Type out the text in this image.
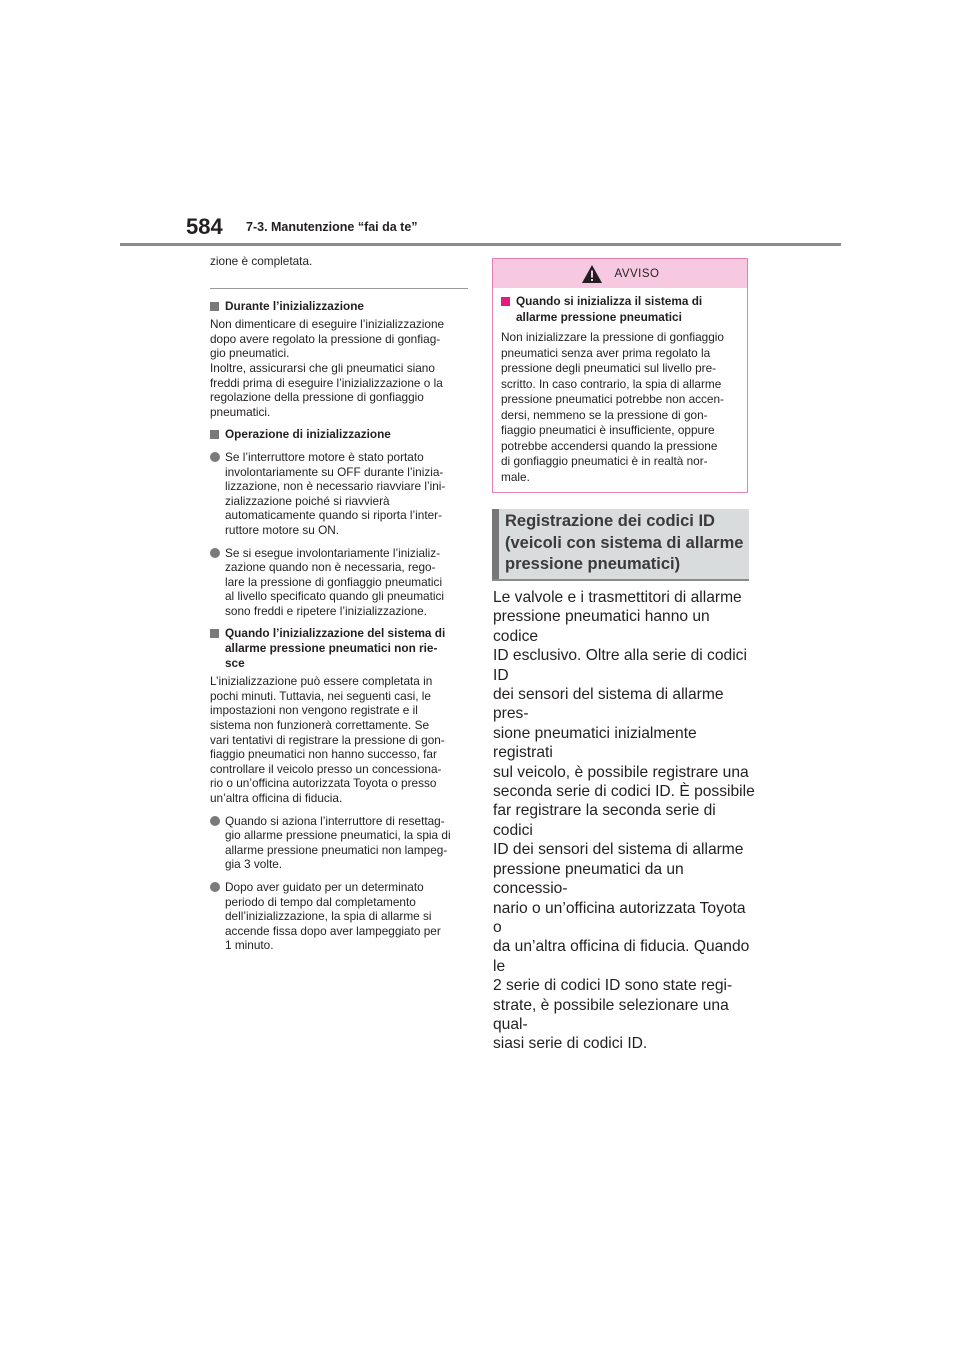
584 7-3. Manutenzione “fai da te”

zione è completata.

Durante l’inizializzazione

Non dimenticare di eseguire l’inizializzazione
dopo avere regolato la pressione di gonfiag-
gio pneumatici.
Inoltre, assicurarsi che gli pneumatici siano
freddi prima di eseguire l’inizializzazione o la
regolazione della pressione di gonfiaggio
pneumatici.

Operazione di inizializzazione
Se l’interruttore motore è stato portato
involontariamente su OFF durante l’inizia-
lizzazione, non è necessario riavviare l’ini-
zializzazione poiché si riavvierà
automaticamente quando si riporta l’inter-
ruttore motore su ON.
Se si esegue involontariamente l’inizializ-
zazione quando non è necessaria, rego-
lare la pressione di gonfiaggio pneumatici
al livello specificato quando gli pneumatici
sono freddi e ripetere l’inizializzazione.
Quando l’inizializzazione del sistema di
allarme pressione pneumatici non rie-
sce

L’inizializzazione può essere completata in
pochi minuti. Tuttavia, nei seguenti casi, le
impostazioni non vengono registrate e il
sistema non funzionerà correttamente. Se
vari tentativi di registrare la pressione di gon-
fiaggio pneumatici non hanno successo, far
controllare il veicolo presso un concessiona-
rio o un’officina autorizzata Toyota o presso
un’altra officina di fiducia.

Quando si aziona l’interruttore di resettag-
gio allarme pressione pneumatici, la spia di
allarme pressione pneumatici non lampeg-
gia 3 volte.
Dopo aver guidato per un determinato
periodo di tempo dal completamento
dell’inizializzazione, la spia di allarme si
accende fissa dopo aver lampeggiato per
1 minuto.
AVVISO
Quando si inizializza il sistema di
allarme pressione pneumatici

Non inizializzare la pressione di gonfiaggio
pneumatici senza aver prima regolato la
pressione degli pneumatici sul livello pre-
scritto. In caso contrario, la spia di allarme
pressione pneumatici potrebbe non accen-
dersi, nemmeno se la pressione di gon-
fiaggio pneumatici è insufficiente, oppure
potrebbe accendersi quando la pressione
di gonfiaggio pneumatici è in realtà nor-
male.

Registrazione dei codici ID
(veicoli con sistema di allarme
pressione pneumatici)

Le valvole e i trasmettitori di allarme
pressione pneumatici hanno un codice
ID esclusivo. Oltre alla serie di codici ID
dei sensori del sistema di allarme pres-
sione pneumatici inizialmente registrati
sul veicolo, è possibile registrare una
seconda serie di codici ID. È possibile
far registrare la seconda serie di codici
ID dei sensori del sistema di allarme
pressione pneumatici da un concessio-
nario o un’officina autorizzata Toyota o
da un’altra officina di fiducia. Quando le
2 serie di codici ID sono state regi-
strate, è possibile selezionare una qual-
siasi serie di codici ID.
